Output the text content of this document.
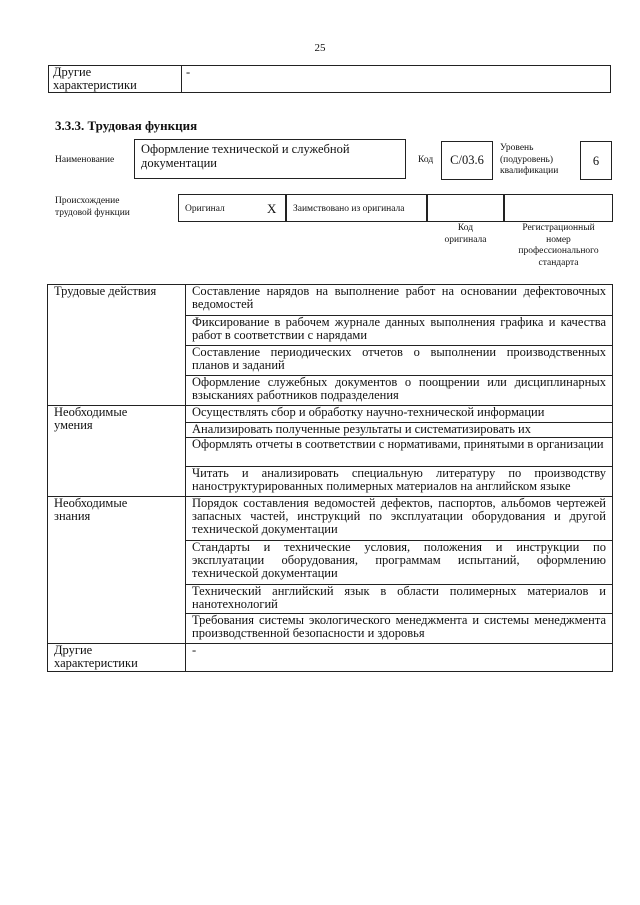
25
Другие характеристики	-
3.3.3. Трудовая функция
Наименование
Оформление технической и служебной документации	Код	C/03.6
Уровень
(подуровень)
квалификации
6
Происхождение
трудовой функции	Оригинал	X Заимствовано из оригинала
Код
оригинала
Регистрационный
номер
профессионального
стандарта
Трудовые действия	Составление нарядов на выполнение работ на основании дефектовочных ведомостей
	Фиксирование в рабочем журнале данных выполнения графика и качества работ в соответствии с нарядами
	Составление периодических отчетов о выполнении производственных планов и заданий
	Оформление служебных документов о поощрении или дисциплинарных взысканиях работников подразделения

Необходимые
умения	Осуществлять сбор и обработку научно-технической информации
	Анализировать полученные результаты и систематизировать их
	Оформлять отчеты в соответствии с нормативами, принятыми в организации
	Читать и анализировать специальную литературу по производству наноструктурированных полимерных материалов на английском языке

Необходимые
знания	Порядок составления ведомостей дефектов, паспортов, альбомов чертежей запасных частей, инструкций по эксплуатации оборудования и другой технической документации
	Стандарты и технические условия, положения и инструкции по эксплуатации оборудования, программам испытаний, оформлению технической документации
	Технический английский язык в области полимерных материалов и нанотехнологий
	Требования системы экологического менеджмента и системы менеджмента производственной безопасности и здоровья

Другие
характеристики	-
